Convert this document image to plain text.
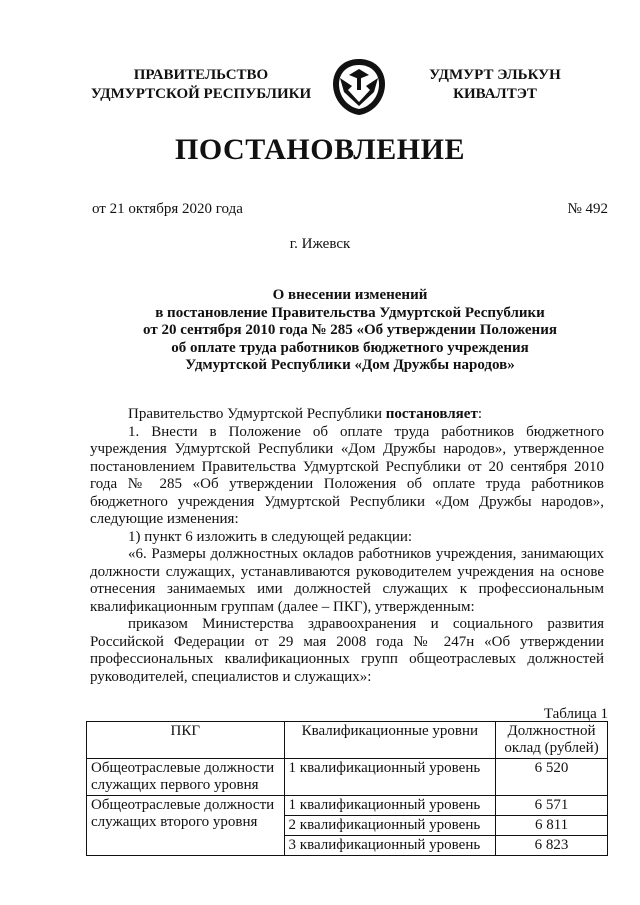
ПРАВИТЕЛЬСТВО
УДМУРТСКОЙ РЕСПУБЛИКИ
УДМУРТ ЭЛЬКУН
КИВАЛТЭТ
ПОСТАНОВЛЕНИЕ
от 21 октября 2020 года	№ 492
г. Ижевск
О внесении изменений
в постановление Правительства Удмуртской Республики
от 20 сентября 2010 года № 285 «Об утверждении Положения
об оплате труда работников бюджетного учреждения
Удмуртской Республики «Дом Дружбы народов»

Правительство Удмуртской Республики постановляет:

1. Внести в Положение об оплате труда работников бюджетного учреждения Удмуртской Республики «Дом Дружбы народов», утвержденное постановлением Правительства Удмуртской Республики от 20 сентября 2010 года № 285 «Об утверждении Положения об оплате труда работников бюджетного учреждения Удмуртской Республики «Дом Дружбы народов», следующие изменения:

1) пункт 6 изложить в следующей редакции:

«6. Размеры должностных окладов работников учреждения, занимающих должности служащих, устанавливаются руководителем учреждения на основе отнесения занимаемых ими должностей служащих к профессиональным квалификационным группам (далее – ПКГ), утвержденным:

приказом Министерства здравоохранения и социального развития Российской Федерации от 29 мая 2008 года № 247н «Об утверждении профессиональных квалификационных групп общеотраслевых должностей руководителей, специалистов и служащих»:

Таблица 1
ПКГ	Квалификационные уровни	Должностной оклад (рублей)
Общеотраслевые должности служащих первого уровня	1 квалификационный уровень	6 520
Общеотраслевые должности служащих второго уровня	1 квалификационный уровень	6 571
	2 квалификационный уровень	6 811
	3 квалификационный уровень	6 823
